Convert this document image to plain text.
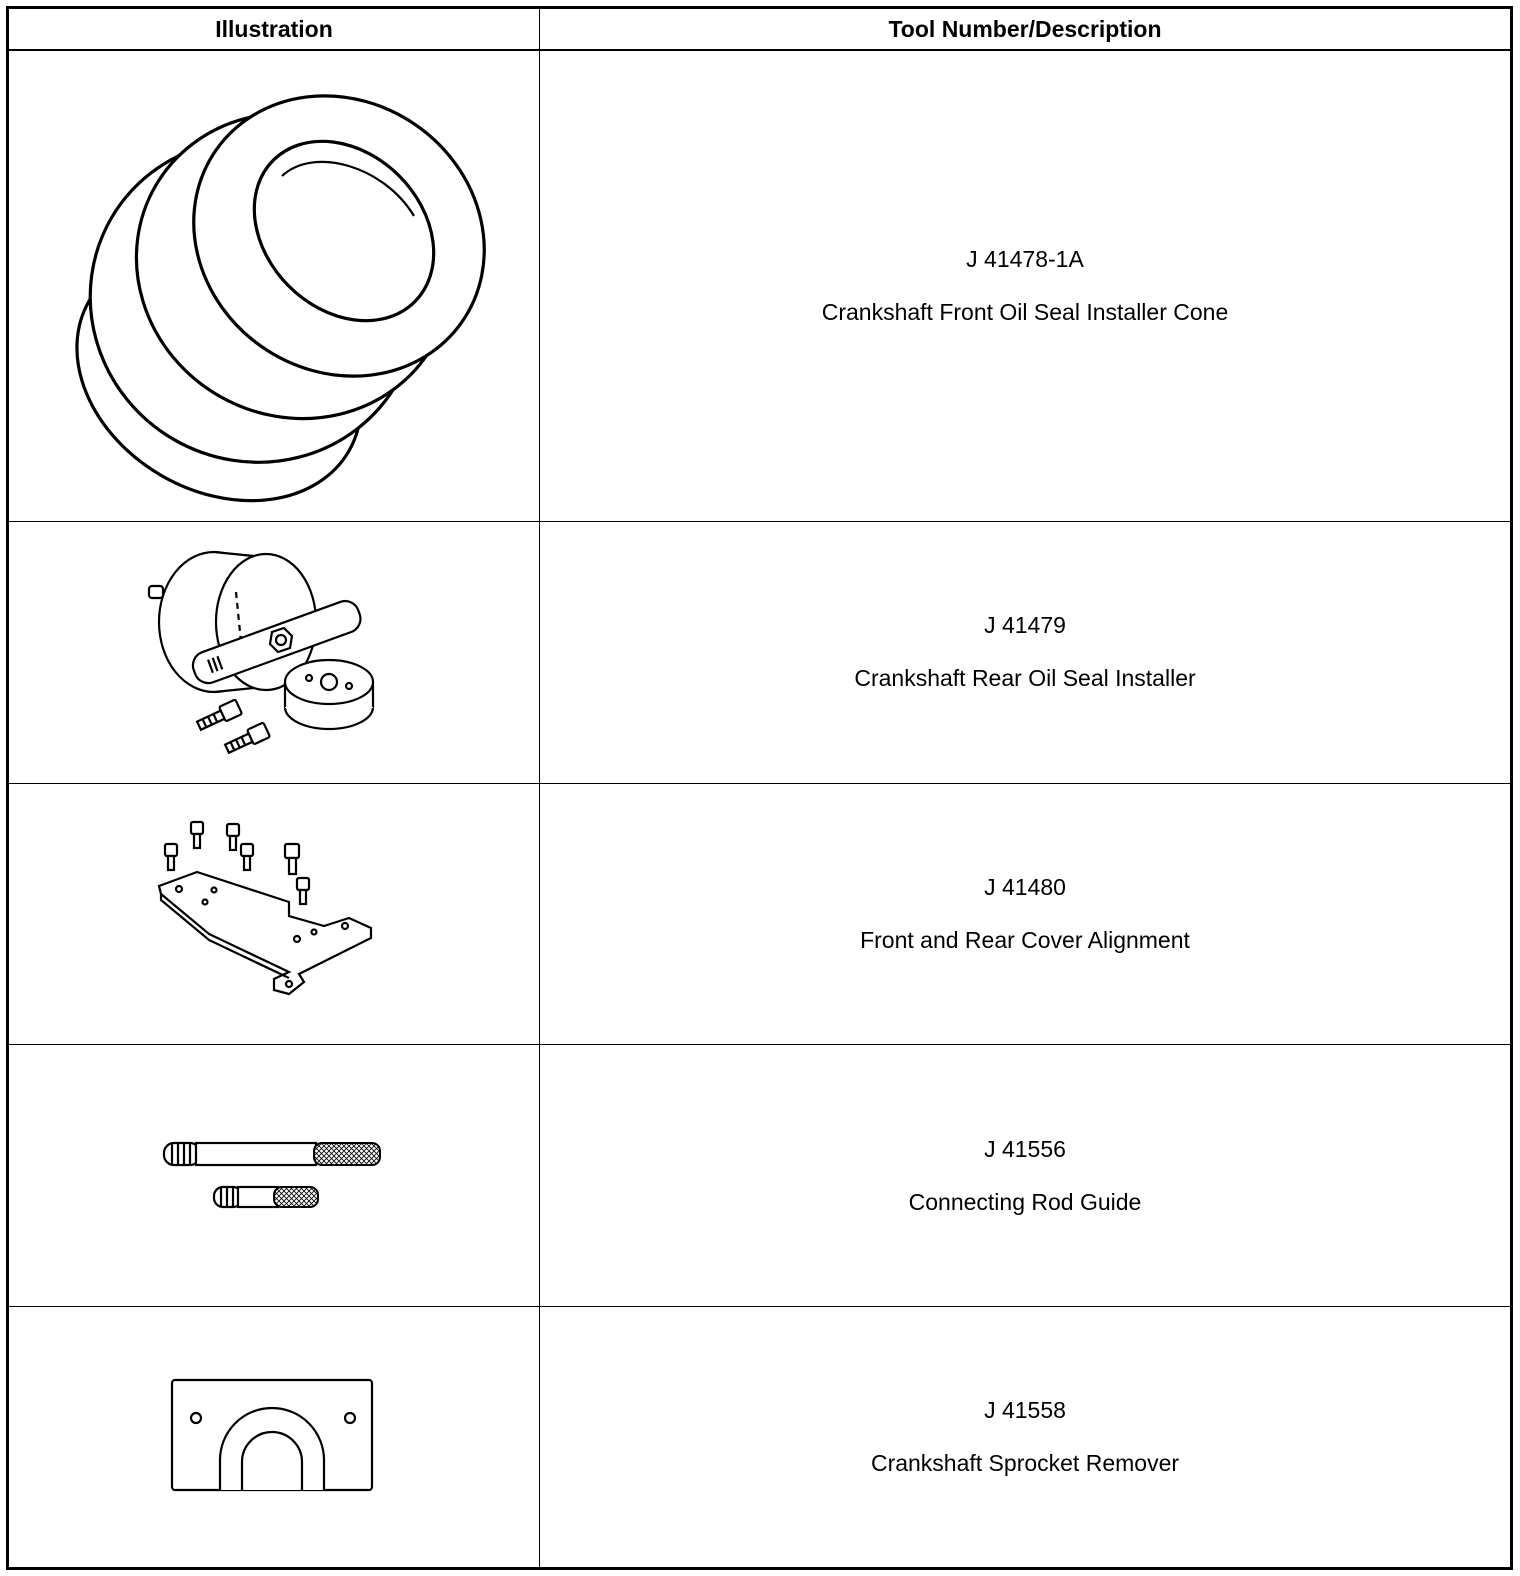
Illustration	Tool Number/Description

J 41478-1A
Crankshaft Front Oil Seal Installer Cone

J 41479
Crankshaft Rear Oil Seal Installer

J 41480
Front and Rear Cover Alignment

J 41556
Connecting Rod Guide

J 41558
Crankshaft Sprocket Remover
